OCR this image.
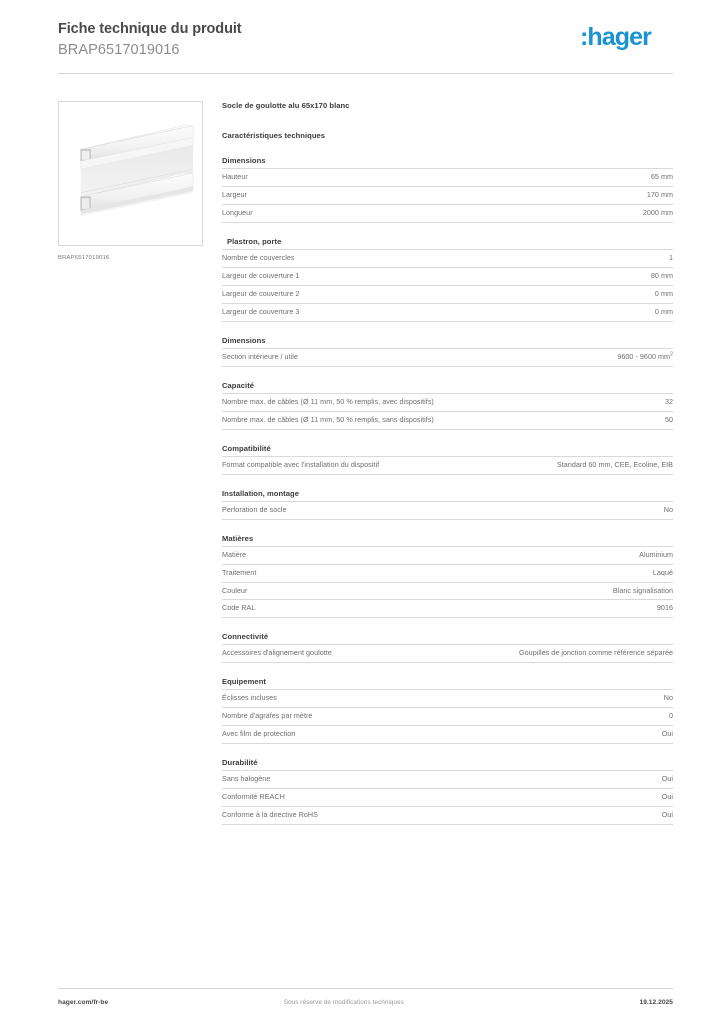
Fiche technique du produit
BRAP6517019016	:hager
BRAP6517019016
Socle de goulotte alu 65x170 blanc
Caractéristiques techniques
Dimensions
Hauteur	65 mm
Largeur	170 mm
Longueur	2000 mm
Plastron, porte
Nombre de couvercles	1
Largeur de couverture 1	80 mm
Largeur de couverture 2	0 mm
Largeur de couverture 3	0 mm
Dimensions
Section intérieure / utile	9600 - 9600 $mm^2$
Capacité
Nombre max. de câbles (Ø 11 mm, 50 % remplis, avec dispositifs)	32
Nombre max. de câbles (Ø 11 mm, 50 % remplis, sans dispositifs)	50
Compatibilité
Format compatible avec l'installation du dispositif	Standard 60 mm, CEE, Ecoline, EIB
Installation, montage
Perforation de socle	No
Matières
Matière	Aluminium
Traitement	Laqué
Couleur	Blanc signalisation
Code RAL	9016
Connectivité
Accessoires d'alignement goulotte	Goupilles de jonction comme référence séparée
Equipement
Éclisses incluses	No
Nombre d'agrafes par mètre	0
Avec film de protection	Oui
Durabilité
Sans halogène	Oui
Conformité REACH	Oui
Conforme à la directive RoHS	Oui
hager.com/fr-be	Sous réserve de modifications techniques	19.12.2025
